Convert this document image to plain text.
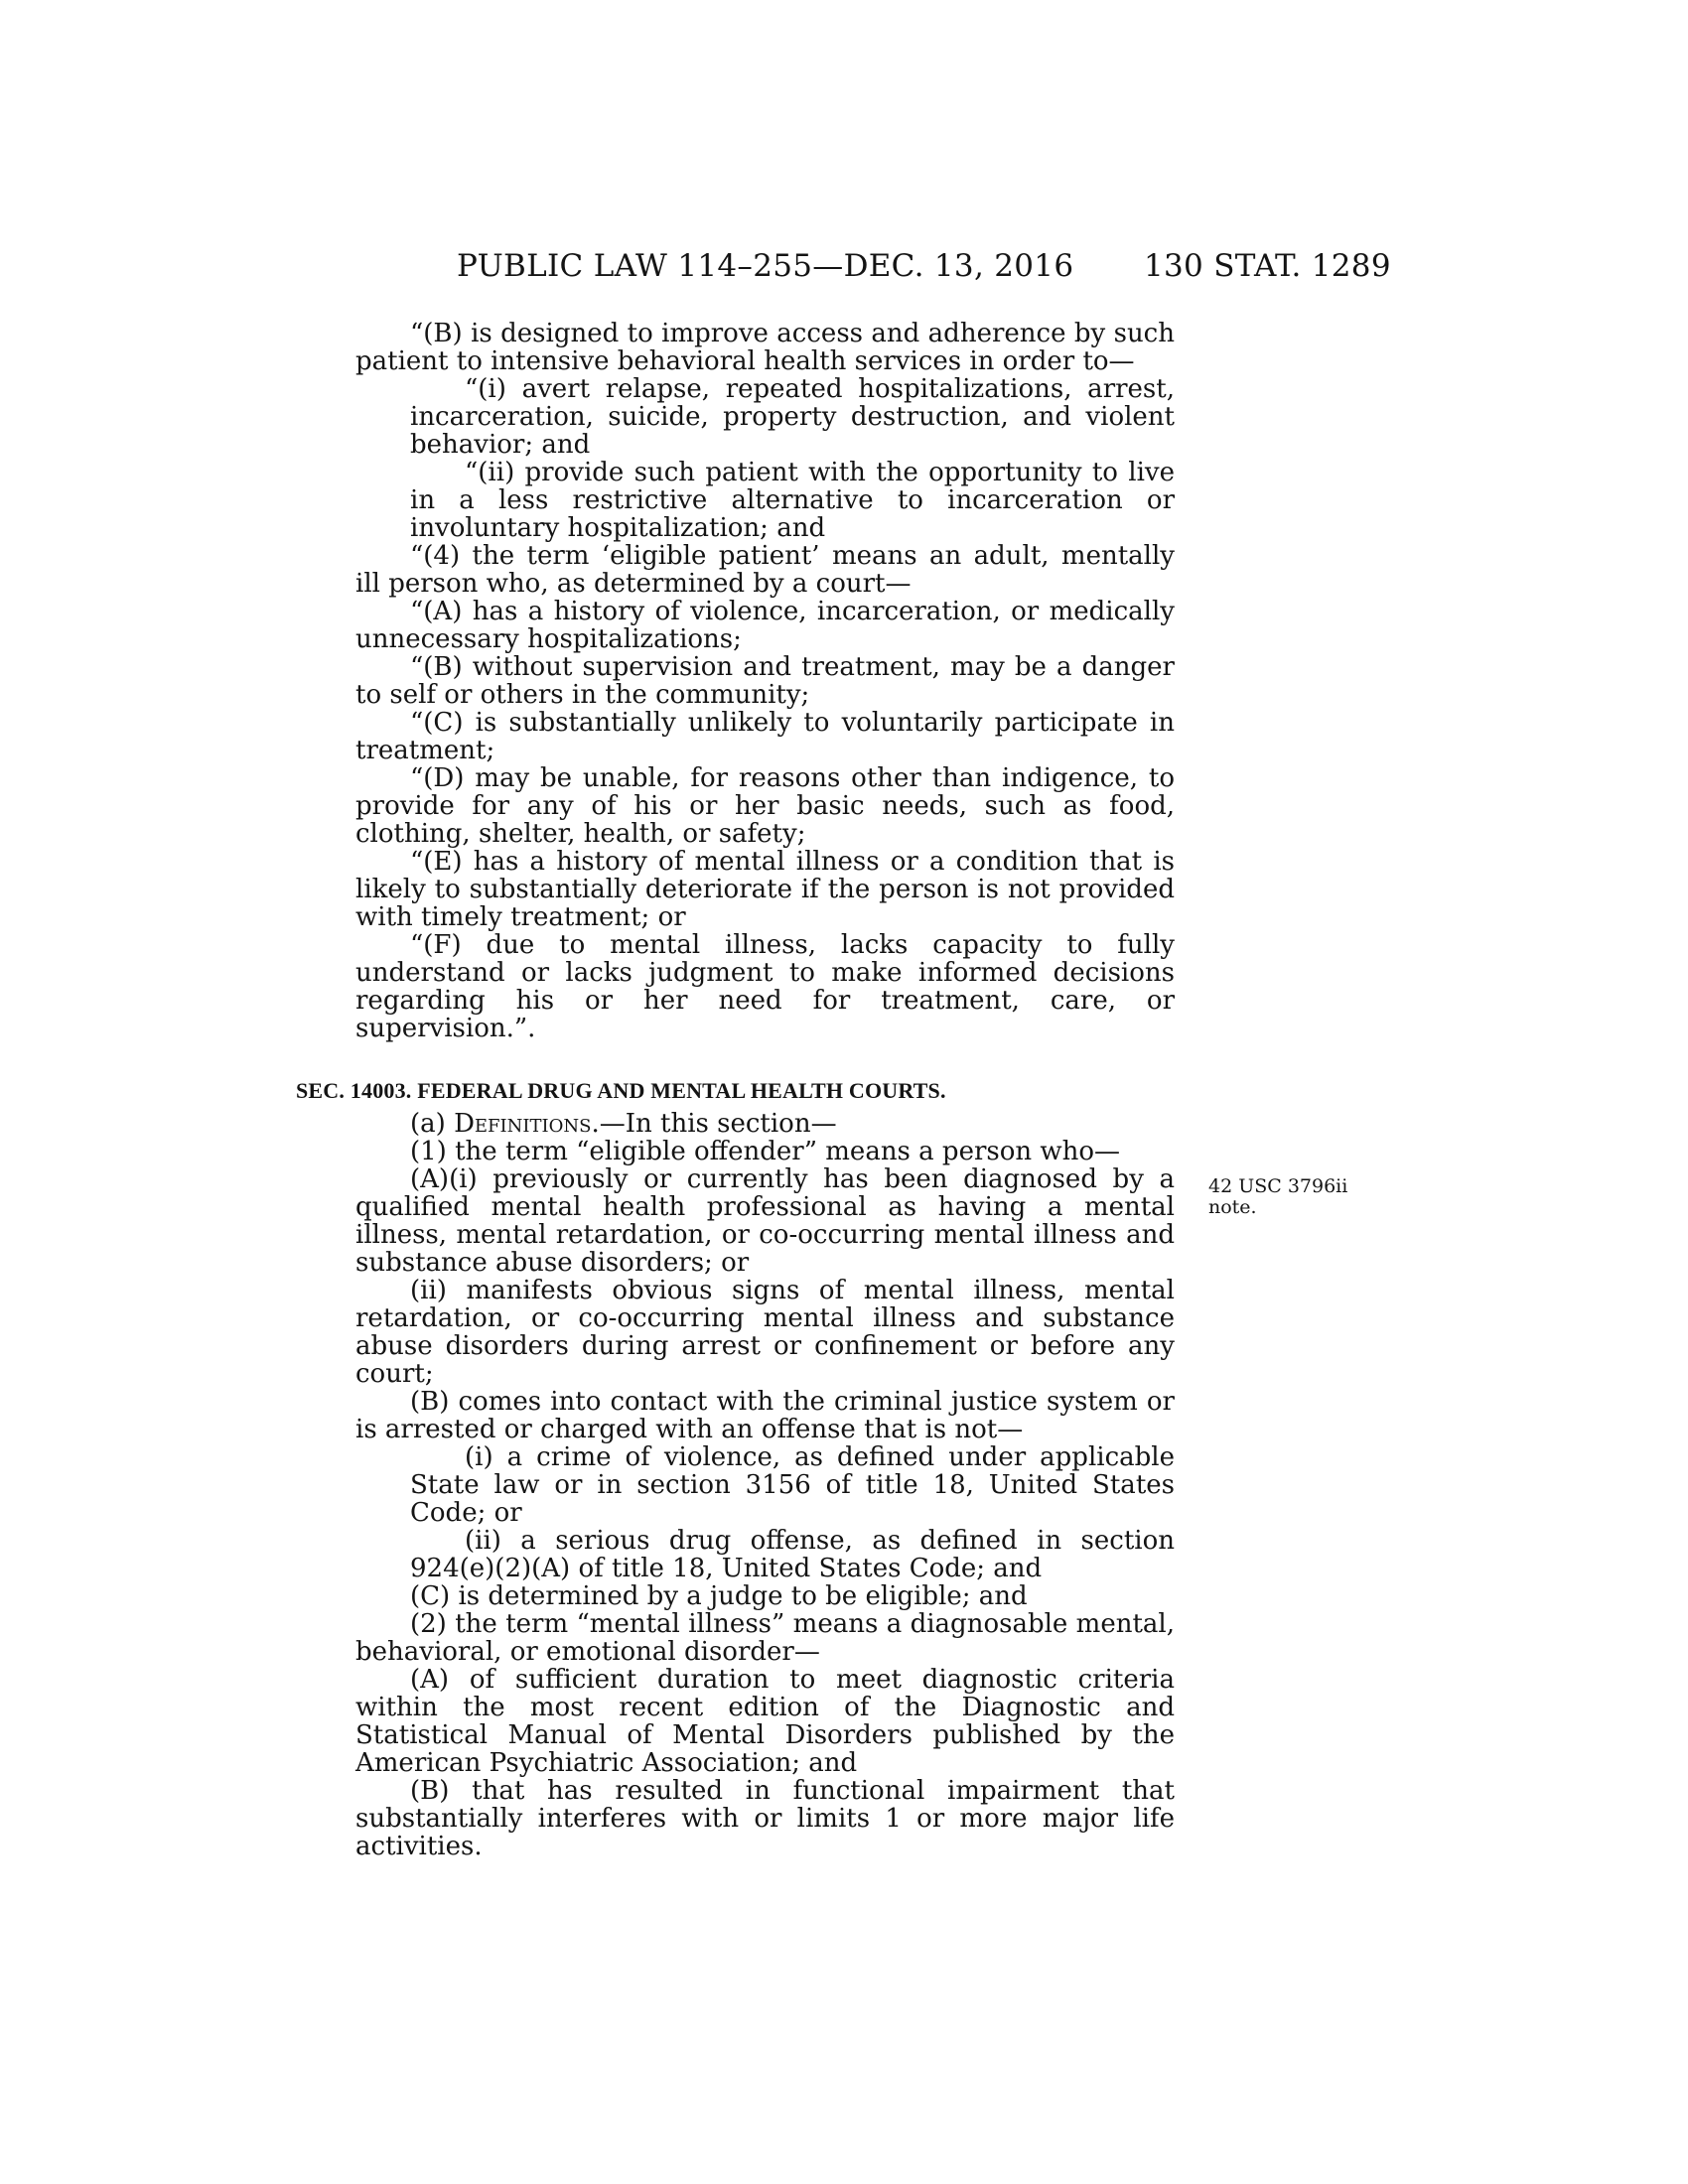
PUBLIC LAW 114–255—DEC. 13, 2016 130 STAT. 1289
“(B) is designed to improve access and adherence by such patient to intensive behavioral health services in order to—
“(i) avert relapse, repeated hospitalizations, arrest, incarceration, suicide, property destruction, and violent behavior; and
“(ii) provide such patient with the opportunity to live in a less restrictive alternative to incarceration or involuntary hospitalization; and
“(4) the term ‘eligible patient’ means an adult, mentally ill person who, as determined by a court—
“(A) has a history of violence, incarceration, or medically unnecessary hospitalizations;
“(B) without supervision and treatment, may be a danger to self or others in the community;
“(C) is substantially unlikely to voluntarily participate in treatment;
“(D) may be unable, for reasons other than indigence, to provide for any of his or her basic needs, such as food, clothing, shelter, health, or safety;
“(E) has a history of mental illness or a condition that is likely to substantially deteriorate if the person is not provided with timely treatment; or
“(F) due to mental illness, lacks capacity to fully understand or lacks judgment to make informed decisions regarding his or her need for treatment, care, or supervision.”.
SEC. 14003. FEDERAL DRUG AND MENTAL HEALTH COURTS.
(a) Definitions.—In this section—
(1) the term “eligible offender” means a person who—
(A)(i) previously or currently has been diagnosed by a qualified mental health professional as having a mental illness, mental retardation, or co-occurring mental illness and substance abuse disorders; or
(ii) manifests obvious signs of mental illness, mental retardation, or co-occurring mental illness and substance abuse disorders during arrest or confinement or before any court;
(B) comes into contact with the criminal justice system or is arrested or charged with an offense that is not—
(i) a crime of violence, as defined under applicable State law or in section 3156 of title 18, United States Code; or
(ii) a serious drug offense, as defined in section 924(e)(2)(A) of title 18, United States Code; and
(C) is determined by a judge to be eligible; and
(2) the term “mental illness” means a diagnosable mental, behavioral, or emotional disorder—
(A) of sufficient duration to meet diagnostic criteria within the most recent edition of the Diagnostic and Statistical Manual of Mental Disorders published by the American Psychiatric Association; and
(B) that has resulted in functional impairment that substantially interferes with or limits 1 or more major life activities.
42 USC 3796ii
note.
